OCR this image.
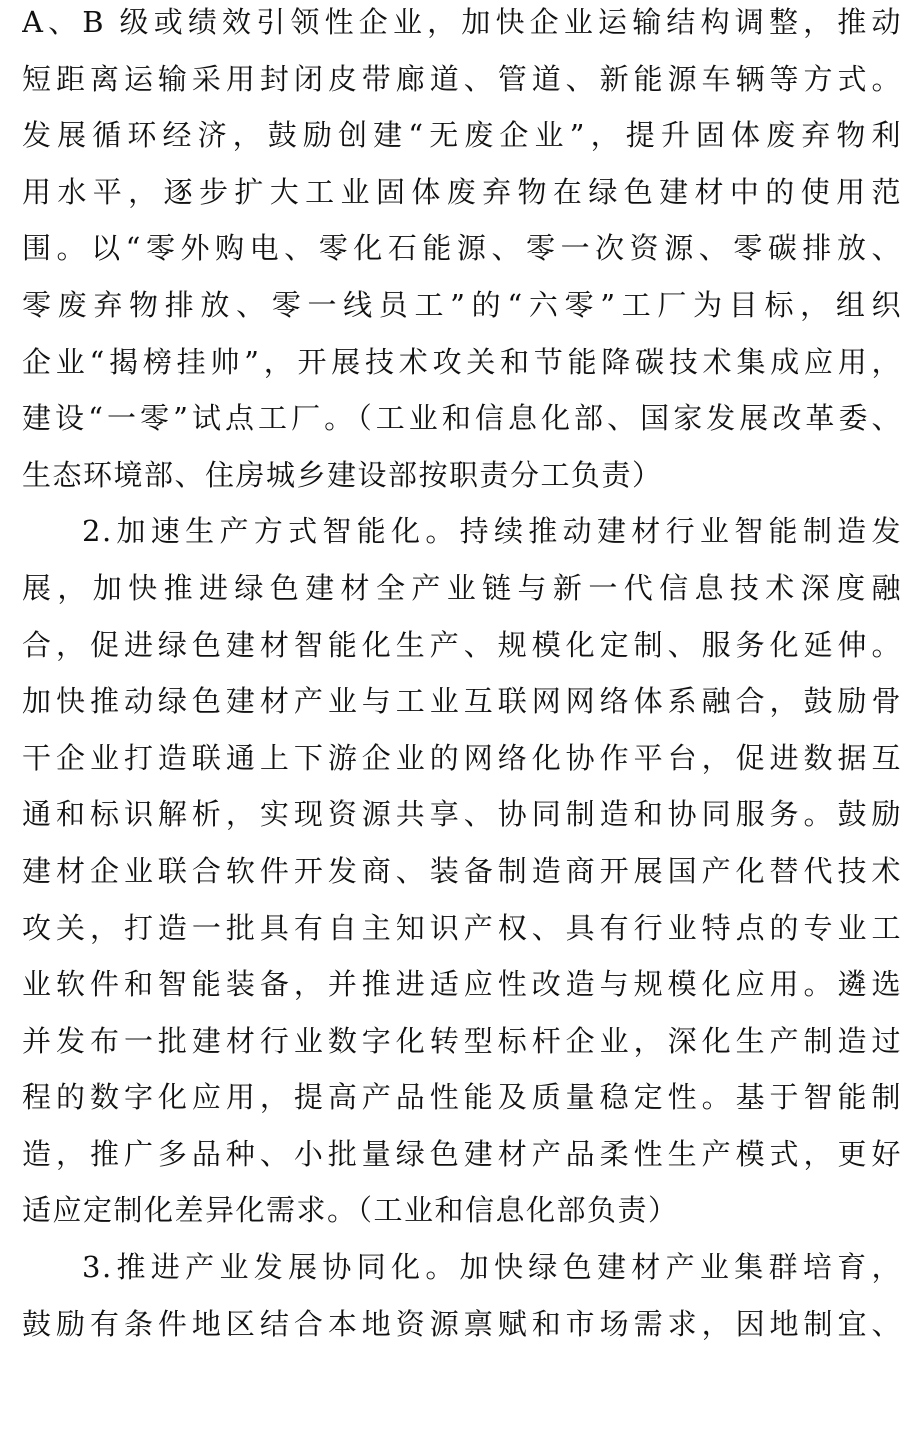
A、B 级或绩效引领性企业，加快企业运输结构调整，推动
短距离运输采用封闭皮带廊道、管道、新能源车辆等方式。
发展循环经济，鼓励创建“无废企业”，提升固体废弃物利
用水平，逐步扩大工业固体废弃物在绿色建材中的使用范
围。以“零外购电、零化石能源、零一次资源、零碳排放、
零废弃物排放、零一线员工”的“六零”工厂为目标，组织
企业“揭榜挂帅”，开展技术攻关和节能降碳技术集成应用，
建设“一零”试点工厂。（工业和信息化部、国家发展改革委、
生态环境部、住房城乡建设部按职责分工负责）
2.加速生产方式智能化。持续推动建材行业智能制造发
展，加快推进绿色建材全产业链与新一代信息技术深度融
合，促进绿色建材智能化生产、规模化定制、服务化延伸。
加快推动绿色建材产业与工业互联网网络体系融合，鼓励骨
干企业打造联通上下游企业的网络化协作平台，促进数据互
通和标识解析，实现资源共享、协同制造和协同服务。鼓励
建材企业联合软件开发商、装备制造商开展国产化替代技术
攻关，打造一批具有自主知识产权、具有行业特点的专业工
业软件和智能装备，并推进适应性改造与规模化应用。遴选
并发布一批建材行业数字化转型标杆企业，深化生产制造过
程的数字化应用，提高产品性能及质量稳定性。基于智能制
造，推广多品种、小批量绿色建材产品柔性生产模式，更好
适应定制化差异化需求。（工业和信息化部负责）
3.推进产业发展协同化。加快绿色建材产业集群培育，
鼓励有条件地区结合本地资源禀赋和市场需求，因地制宜、
